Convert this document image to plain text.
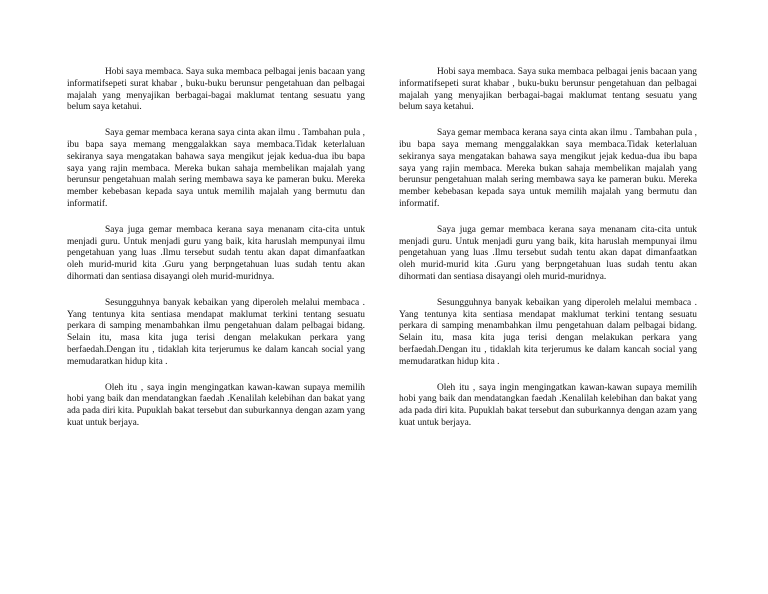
Hobi saya membaca. Saya suka membaca pelbagai jenis bacaan yang informatifsepeti surat khabar , buku-buku berunsur pengetahuan dan pelbagai majalah yang menyajikan berbagai-bagai maklumat tentang sesuatu yang belum saya ketahui.

Saya gemar membaca kerana saya cinta akan ilmu . Tambahan pula , ibu bapa saya memang menggalakkan saya membaca.Tidak keterlaluan sekiranya saya mengatakan bahawa saya mengikut jejak kedua-dua ibu bapa saya yang rajin membaca. Mereka bukan sahaja membelikan majalah yang berunsur pengetahuan malah sering membawa saya ke pameran buku. Mereka member kebebasan kepada saya untuk memilih majalah yang bermutu dan informatif.

Saya juga gemar membaca kerana saya menanam cita-cita untuk menjadi guru. Untuk menjadi guru yang baik, kita haruslah mempunyai ilmu pengetahuan yang luas .Ilmu tersebut sudah tentu akan dapat dimanfaatkan oleh murid-murid kita .Guru yang berpngetahuan luas sudah tentu akan dihormati dan sentiasa disayangi oleh murid-muridnya.

Sesungguhnya banyak kebaikan yang diperoleh melalui membaca . Yang tentunya kita sentiasa mendapat maklumat terkini tentang sesuatu perkara di samping menambahkan ilmu pengetahuan dalam pelbagai bidang. Selain itu, masa kita juga terisi dengan melakukan perkara yang berfaedah.Dengan itu , tidaklah kita terjerumus ke dalam kancah social yang memudaratkan hidup kita .

Oleh itu , saya ingin mengingatkan kawan-kawan supaya memilih hobi yang baik dan mendatangkan faedah .Kenalilah kelebihan dan bakat yang ada pada diri kita. Pupuklah bakat tersebut dan suburkannya dengan azam yang kuat untuk berjaya.

Hobi saya membaca. Saya suka membaca pelbagai jenis bacaan yang informatifsepeti surat khabar , buku-buku berunsur pengetahuan dan pelbagai majalah yang menyajikan berbagai-bagai maklumat tentang sesuatu yang belum saya ketahui.

Saya gemar membaca kerana saya cinta akan ilmu . Tambahan pula , ibu bapa saya memang menggalakkan saya membaca.Tidak keterlaluan sekiranya saya mengatakan bahawa saya mengikut jejak kedua-dua ibu bapa saya yang rajin membaca. Mereka bukan sahaja membelikan majalah yang berunsur pengetahuan malah sering membawa saya ke pameran buku. Mereka member kebebasan kepada saya untuk memilih majalah yang bermutu dan informatif.

Saya juga gemar membaca kerana saya menanam cita-cita untuk menjadi guru. Untuk menjadi guru yang baik, kita haruslah mempunyai ilmu pengetahuan yang luas .Ilmu tersebut sudah tentu akan dapat dimanfaatkan oleh murid-murid kita .Guru yang berpngetahuan luas sudah tentu akan dihormati dan sentiasa disayangi oleh murid-muridnya.

Sesungguhnya banyak kebaikan yang diperoleh melalui membaca . Yang tentunya kita sentiasa mendapat maklumat terkini tentang sesuatu perkara di samping menambahkan ilmu pengetahuan dalam pelbagai bidang. Selain itu, masa kita juga terisi dengan melakukan perkara yang berfaedah.Dengan itu , tidaklah kita terjerumus ke dalam kancah social yang memudaratkan hidup kita .

Oleh itu , saya ingin mengingatkan kawan-kawan supaya memilih hobi yang baik dan mendatangkan faedah .Kenalilah kelebihan dan bakat yang ada pada diri kita. Pupuklah bakat tersebut dan suburkannya dengan azam yang kuat untuk berjaya.
